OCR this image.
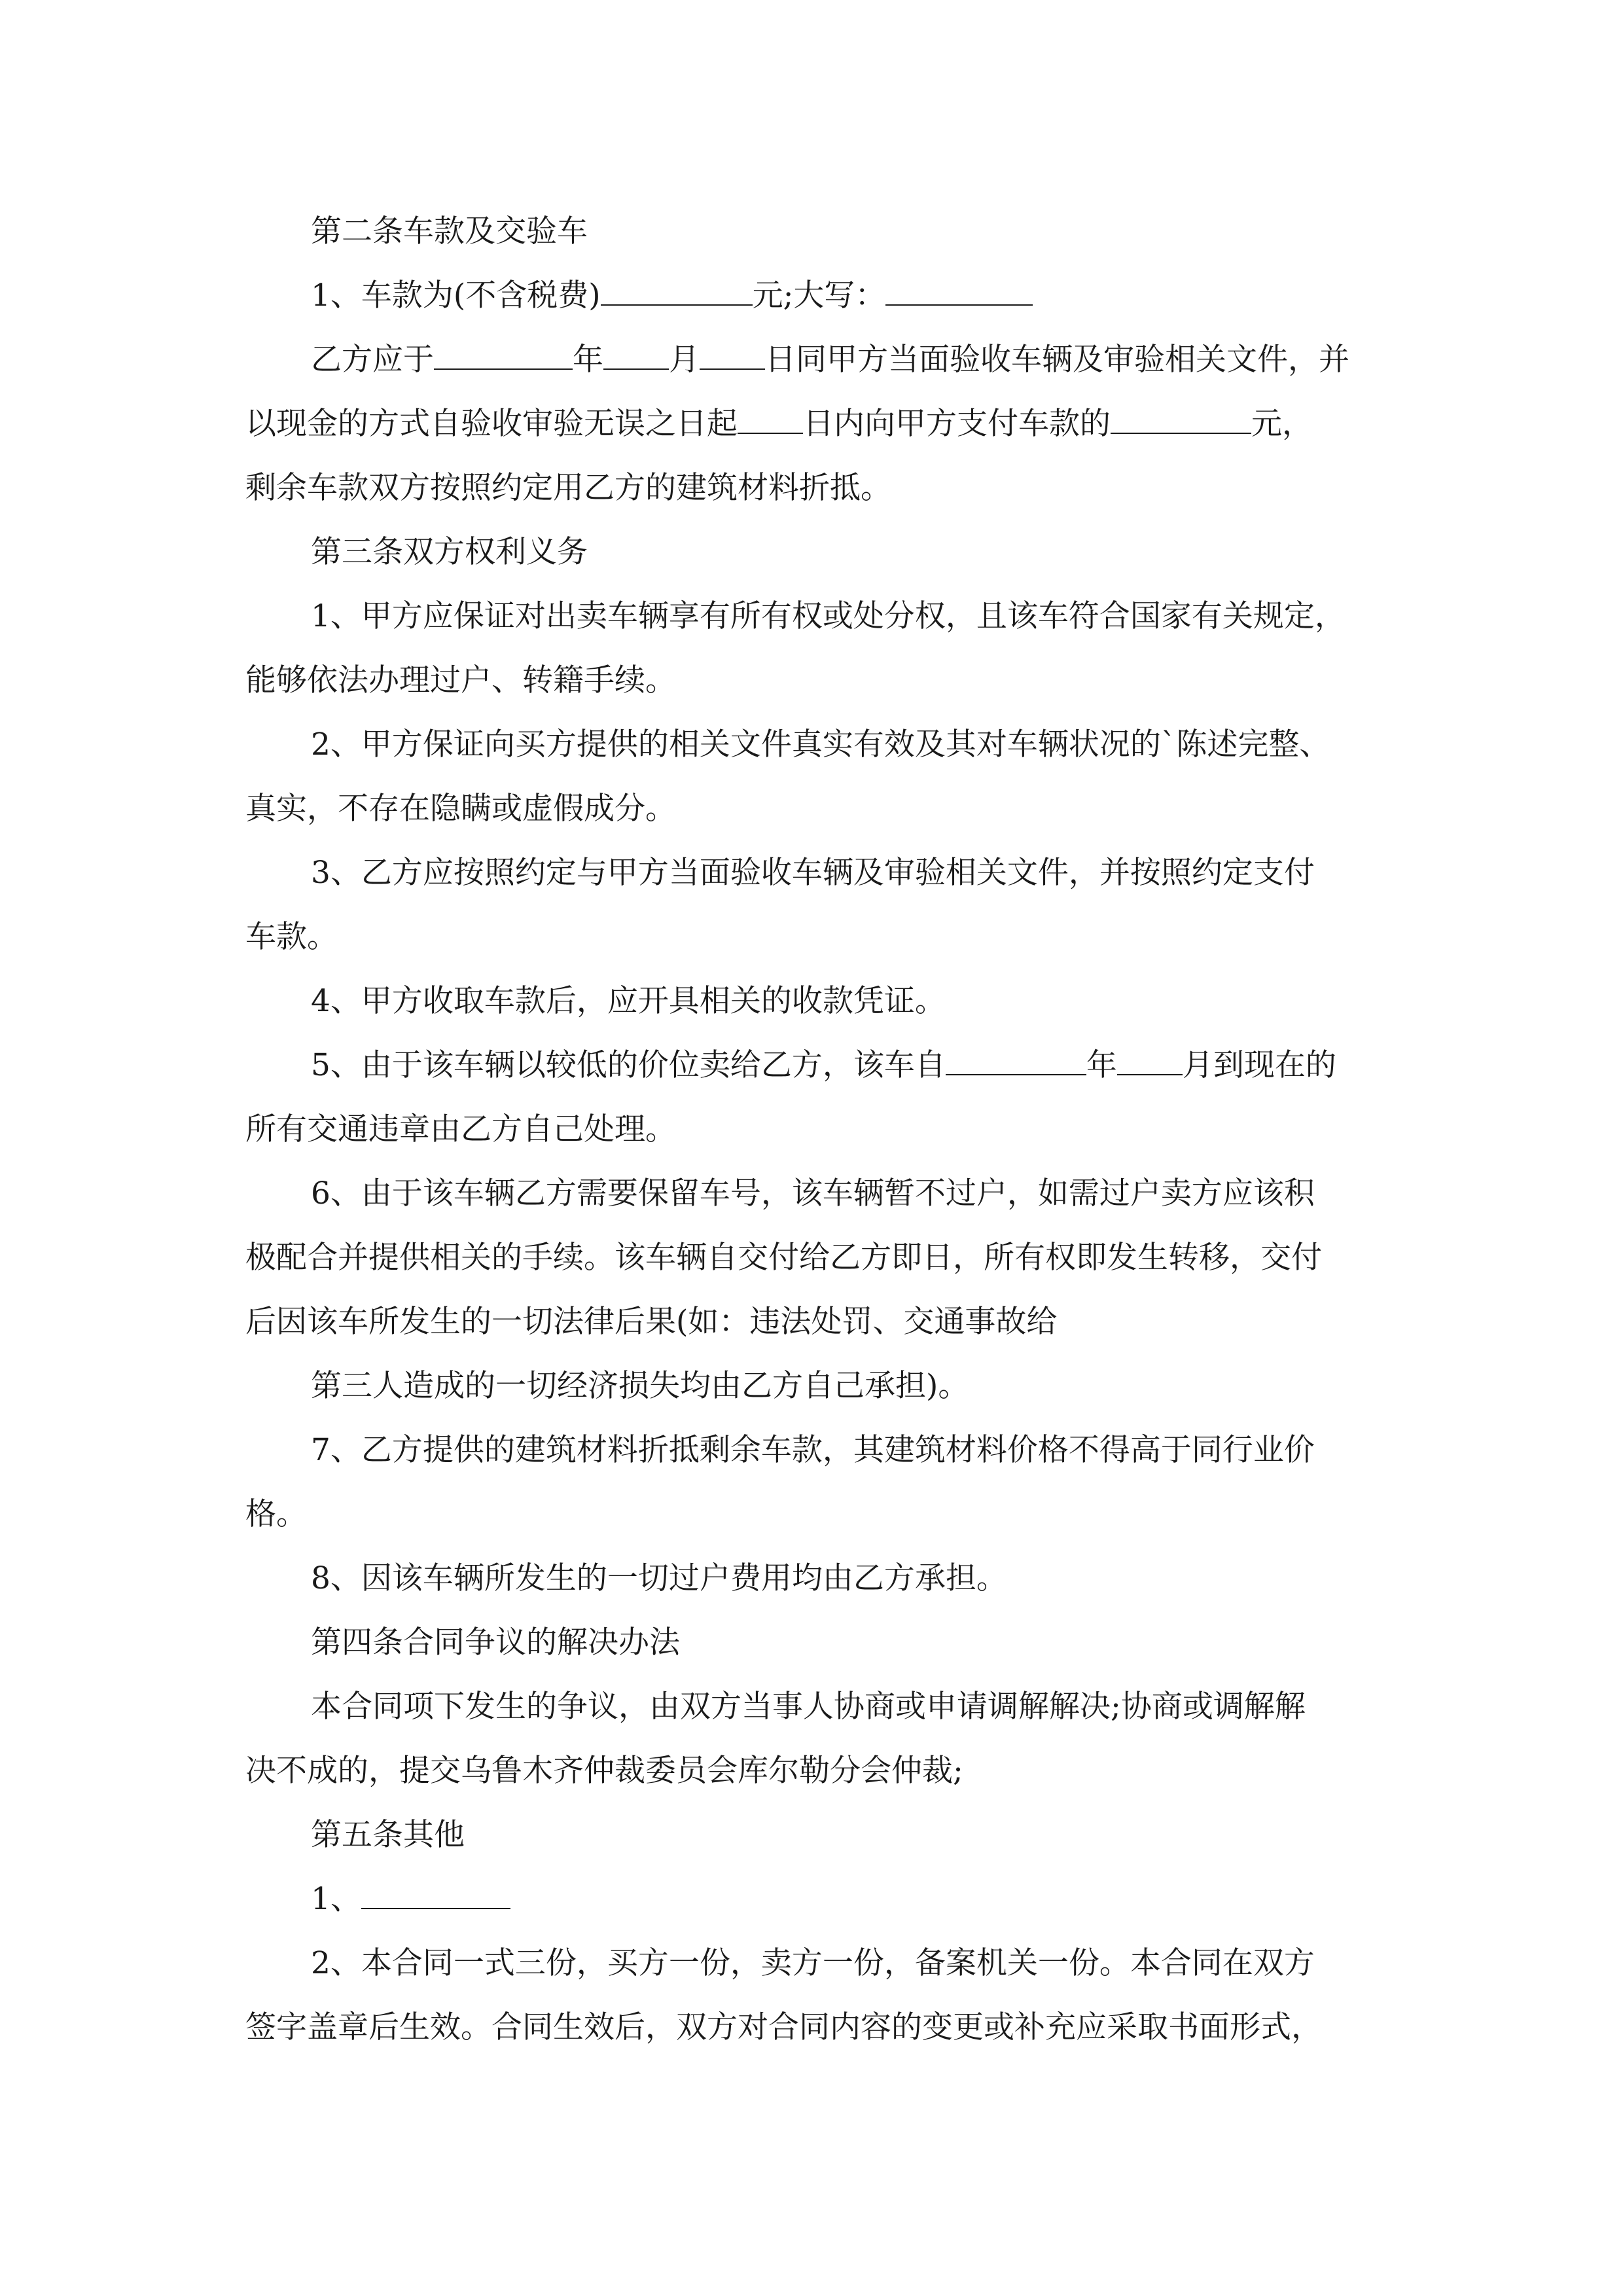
第二条车款及交验车

1、车款为(不含税费)	元;大写：

乙方应于	年 月 日同甲方当面验收车辆及审验相关文件，并

以现金的方式自验收审验无误之日起 日内向甲方支付车款的	元，

剩余车款双方按照约定用乙方的建筑材料折抵。

第三条双方权利义务

1、甲方应保证对出卖车辆享有所有权或处分权，且该车符合国家有关规定，

能够依法办理过户、转籍手续。

2、甲方保证向买方提供的相关文件真实有效及其对车辆状况的`陈述完整、

真实，不存在隐瞒或虚假成分。

3、乙方应按照约定与甲方当面验收车辆及审验相关文件，并按照约定支付

车款。

4、甲方收取车款后，应开具相关的收款凭证。

5、由于该车辆以较低的价位卖给乙方，该车自	年 月到现在的

所有交通违章由乙方自己处理。

6、由于该车辆乙方需要保留车号，该车辆暂不过户，如需过户卖方应该积

极配合并提供相关的手续。该车辆自交付给乙方即日，所有权即发生转移，交付

后因该车所发生的一切法律后果(如：违法处罚、交通事故给

第三人造成的一切经济损失均由乙方自己承担)。

7、乙方提供的建筑材料折抵剩余车款，其建筑材料价格不得高于同行业价

格。

8、因该车辆所发生的一切过户费用均由乙方承担。

第四条合同争议的解决办法

本合同项下发生的争议，由双方当事人协商或申请调解解决;协商或调解解

决不成的，提交乌鲁木齐仲裁委员会库尔勒分会仲裁;

第五条其他

1、

2、本合同一式三份，买方一份，卖方一份，备案机关一份。本合同在双方

签字盖章后生效。合同生效后，双方对合同内容的变更或补充应采取书面形式，
